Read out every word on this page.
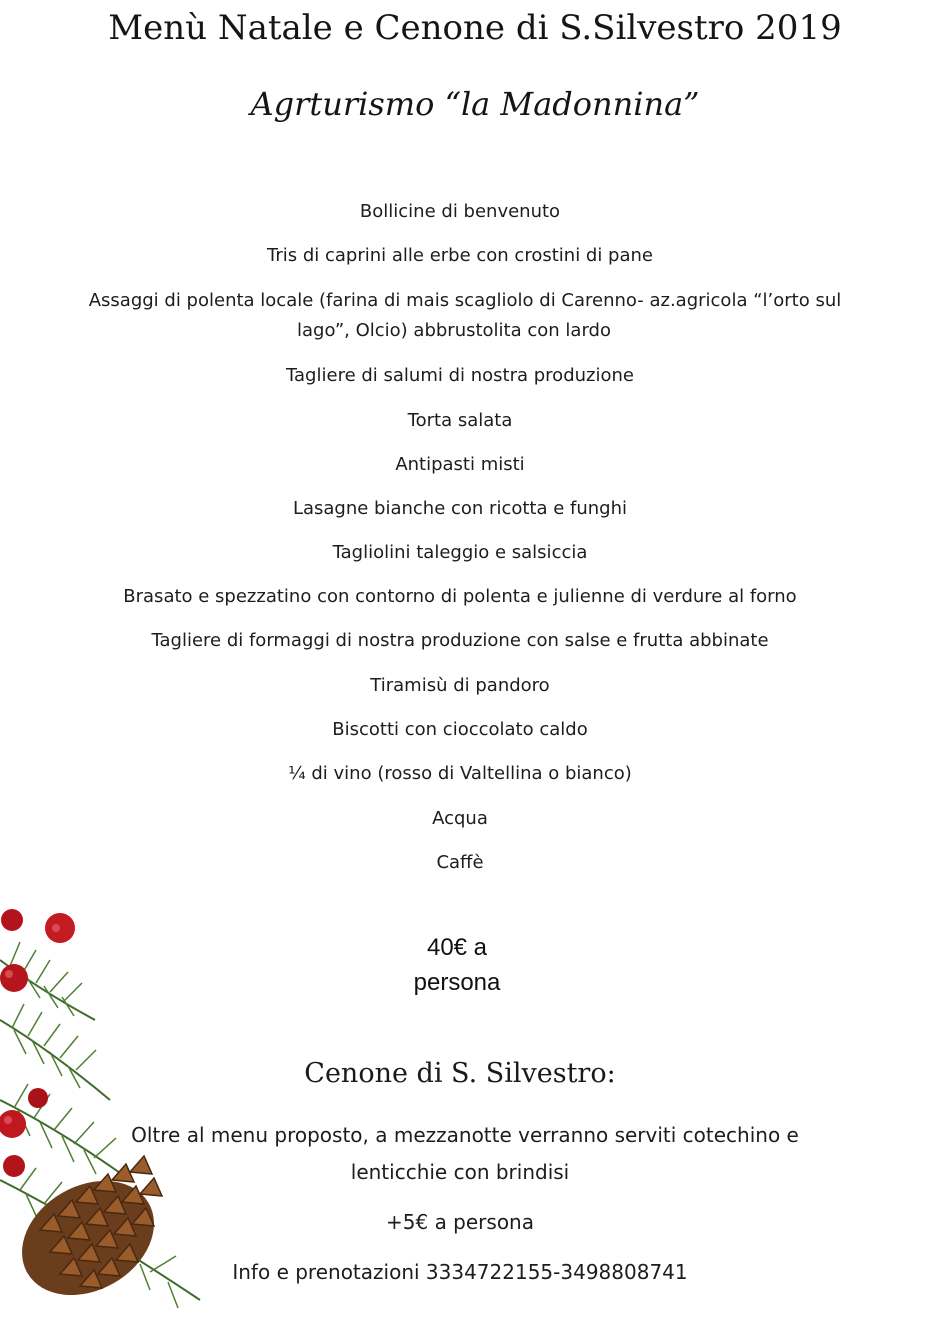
Menù Natale e Cenone di S.Silvestro 2019
Agrturismo “la Madonnina”
Bollicine di benvenuto
Tris di caprini alle erbe con crostini di pane
Assaggi di polenta locale (farina di mais scagliolo di Carenno- az.agricola “l’orto sul
lago”, Olcio) abbrustolita con lardo
Tagliere di salumi di nostra produzione
Torta salata
Antipasti misti
Lasagne bianche con ricotta e funghi
Tagliolini taleggio e salsiccia
Brasato e spezzatino con contorno di polenta e julienne di verdure al forno
Tagliere di formaggi di nostra produzione con salse e frutta abbinate
Tiramisù di pandoro
Biscotti con cioccolato caldo
¼ di vino (rosso di Valtellina o bianco)
Acqua
Caffè
40€ a
persona
Cenone di S. Silvestro:
Oltre al menu proposto, a mezzanotte verranno serviti cotechino e
lenticchie con brindisi
+5€ a persona
Info e prenotazioni 3334722155-3498808741
